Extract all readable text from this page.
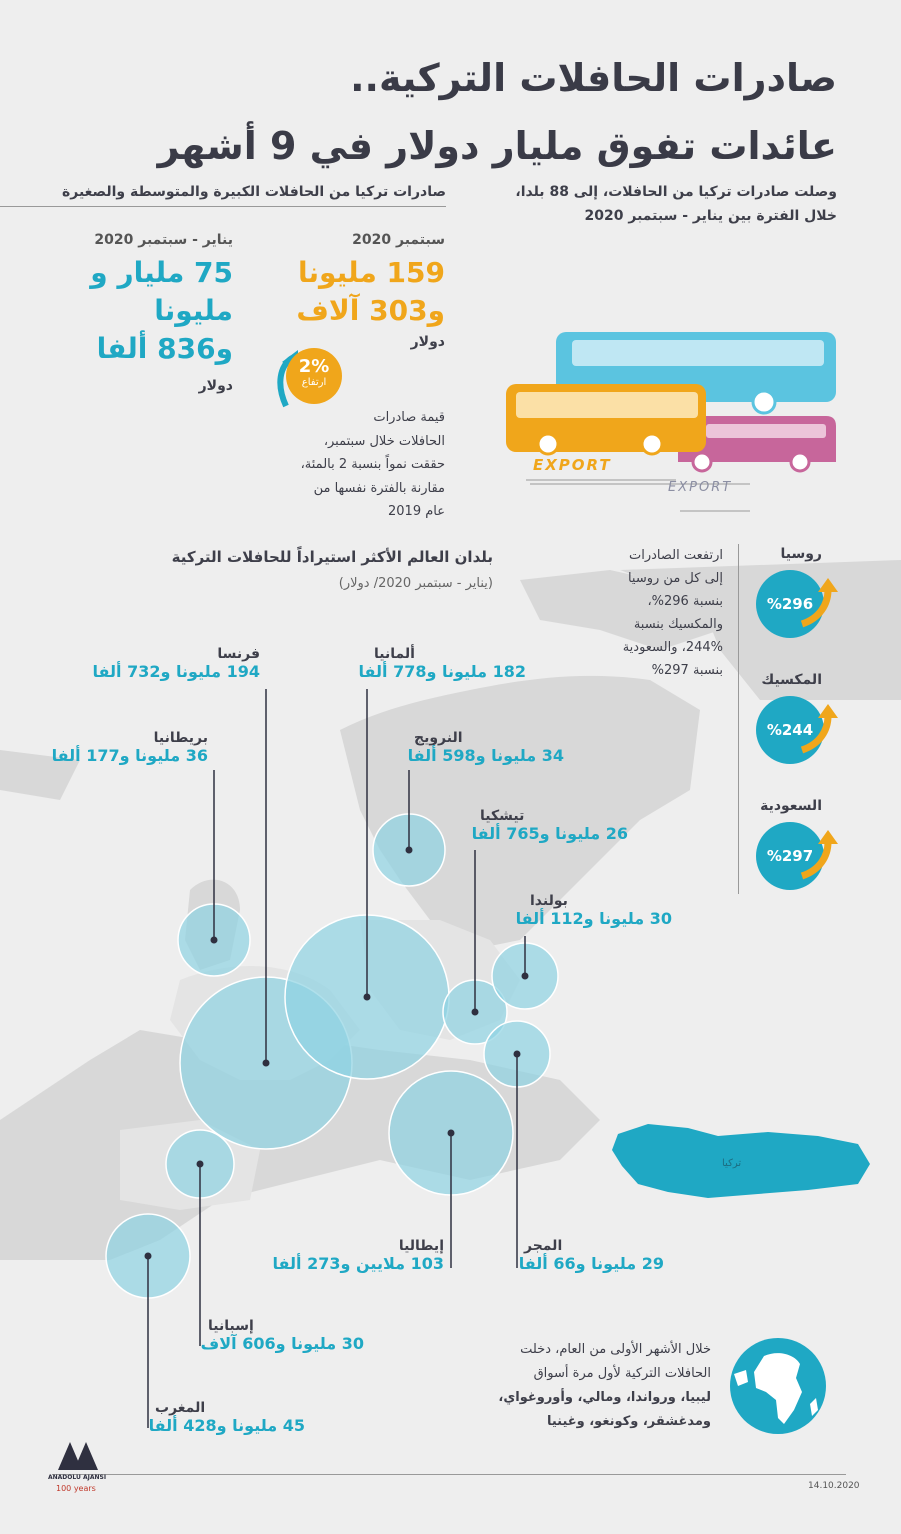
صادرات الحافلات التركية..
عائدات تفوق مليار دولار في 9 أشهر
وصلت صادرات تركيا من الحافلات، إلى 88 بلدا،
خلال الفترة بين يناير - سبتمبر 2020
صادرات تركيا من الحافلات الكبيرة والمتوسطة والصغيرة
سبتمبر 2020
159 مليونا
و303 آلاف
دولار
يناير - سبتمبر 2020
75 مليار و
مليونا
و836 ألفا
دولار
2%
ارتفاع
قيمة صادرات
الحافلات خلال سبتمبر،
حققت نمواً بنسبة 2 بالمئة،
مقارنة بالفترة نفسها من
عام 2019
EXPORT
EXPORT
تركيا
بلدان العالم الأكثر استيراداً للحافلات التركية
(يناير - سبتمبر 2020/ دولار)
فرنسا
194 مليونا و732 ألفا
ألمانيا
182 مليونا و778 ألفا
بريطانيا
36 مليونا و177 ألفا
النرويج
34 مليونا و598 ألفا
تيشكيا
26 مليونا و765 ألفا
بولندا
30 مليونا و112 ألفا
إيطاليا
103 ملايين و273 ألفا
المجر
29 مليونا و66 ألفا
إسبانيا
30 مليونا و606 آلاف
المغرب
45 مليونا و428 ألفا
ارتفعت الصادرات
إلى كل من روسيا
بنسبة 296%،
والمكسيك بنسبة
244%، والسعودية
بنسبة 297%
روسيا
%296
المكسيك
%244
السعودية
%297
خلال الأشهر الأولى من العام، دخلت
الحافلات التركية لأول مرة أسواق
ليبيا، ورواندا، ومالي، وأوروغواي،
ومدغشقر، وكونغو، وغينيا
ANADOLU AJANSI
100 years	14.10.2020
